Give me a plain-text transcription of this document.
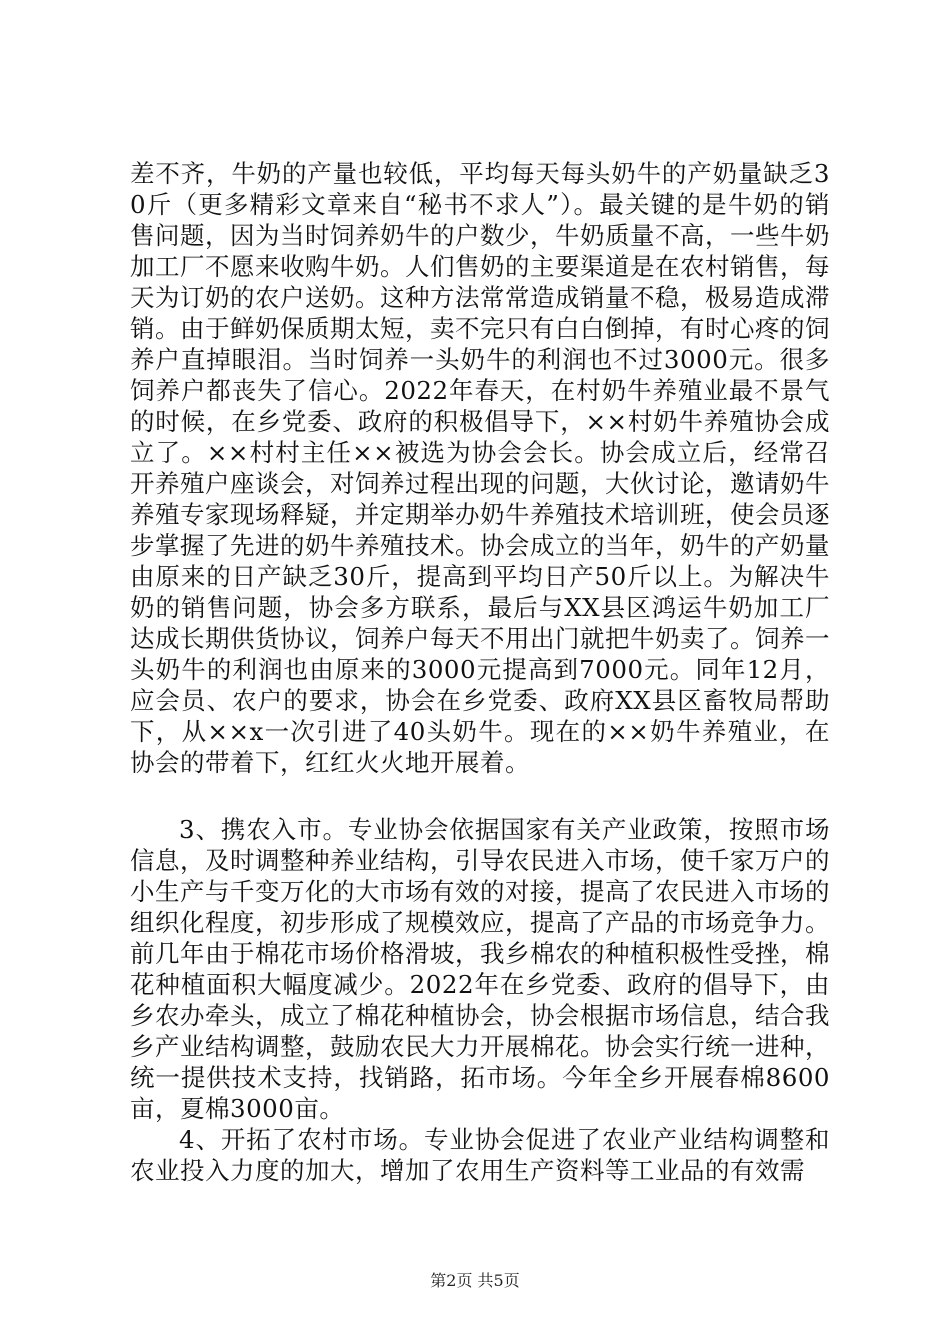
差不齐，牛奶的产量也较低，平均每天每头奶牛的产奶量缺乏30斤（更多精彩文章来自“秘书不求人”）。最关键的是牛奶的销售问题，因为当时饲养奶牛的户数少，牛奶质量不高，一些牛奶加工厂不愿来收购牛奶。人们售奶的主要渠道是在农村销售，每天为订奶的农户送奶。这种方法常常造成销量不稳，极易造成滞销。由于鲜奶保质期太短，卖不完只有白白倒掉，有时心疼的饲养户直掉眼泪。当时饲养一头奶牛的利润也不过3000元。很多饲养户都丧失了信心。2022年春天，在村奶牛养殖业最不景气的时候，在乡党委、政府的积极倡导下，××村奶牛养殖协会成立了。××村村主任××被选为协会会长。协会成立后，经常召开养殖户座谈会，对饲养过程出现的问题，大伙讨论，邀请奶牛养殖专家现场释疑，并定期举办奶牛养殖技术培训班，使会员逐步掌握了先进的奶牛养殖技术。协会成立的当年，奶牛的产奶量由原来的日产缺乏30斤，提高到平均日产50斤以上。为解决牛奶的销售问题，协会多方联系，最后与XX县区鸿运牛奶加工厂达成长期供货协议，饲养户每天不用出门就把牛奶卖了。饲养一头奶牛的利润也由原来的3000元提高到7000元。同年12月，应会员、农户的要求，协会在乡党委、政府XX县区畜牧局帮助下，从××x一次引进了40头奶牛。现在的××奶牛养殖业，在协会的带着下，红红火火地开展着。

3、携农入市。专业协会依据国家有关产业政策，按照市场信息，及时调整种养业结构，引导农民进入市场，使千家万户的小生产与千变万化的大市场有效的对接，提高了农民进入市场的组织化程度，初步形成了规模效应，提高了产品的市场竞争力。前几年由于棉花市场价格滑坡，我乡棉农的种植积极性受挫，棉花种植面积大幅度减少。2022年在乡党委、政府的倡导下，由乡农办牵头，成立了棉花种植协会，协会根据市场信息，结合我乡产业结构调整，鼓励农民大力开展棉花。协会实行统一进种，统一提供技术支持，找销路，拓市场。今年全乡开展春棉8600亩，夏棉3000亩。

4、开拓了农村市场。专业协会促进了农业产业结构调整和农业投入力度的加大，增加了农用生产资料等工业品的有效需

第2页 共5页
